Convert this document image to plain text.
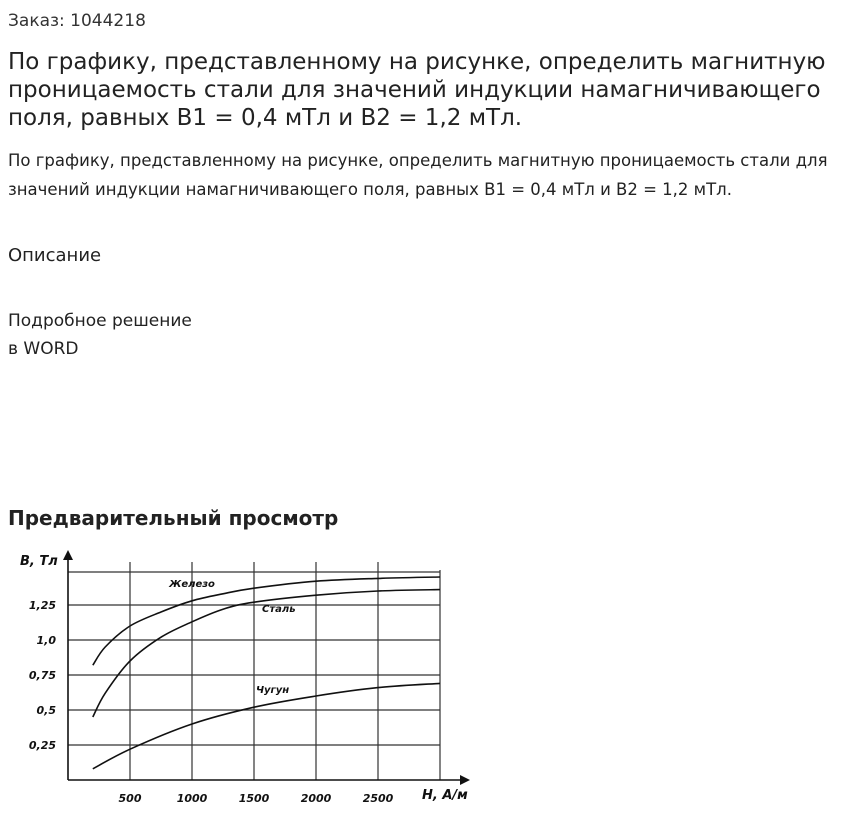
Заказ: 1044218

По графику, представленному на рисунке, определить магнитную проницаемость стали для значений индукции намагничивающего поля, равных В1 = 0,4 мТл и В2 = 1,2 мТл.

По графику, представленному на рисунке, определить магнитную проницаемость стали для значений индукции намагничивающего поля, равных В1 = 0,4 мТл и В2 = 1,2 мТл.

Описание

Подробное решение
в WORD

Предварительный просмотр
500	1000	1500	2000	2500
0,25
0,5
0,75
1,0
1,25
H, А/м
B, Тл
Железо
Сталь
Чугун
